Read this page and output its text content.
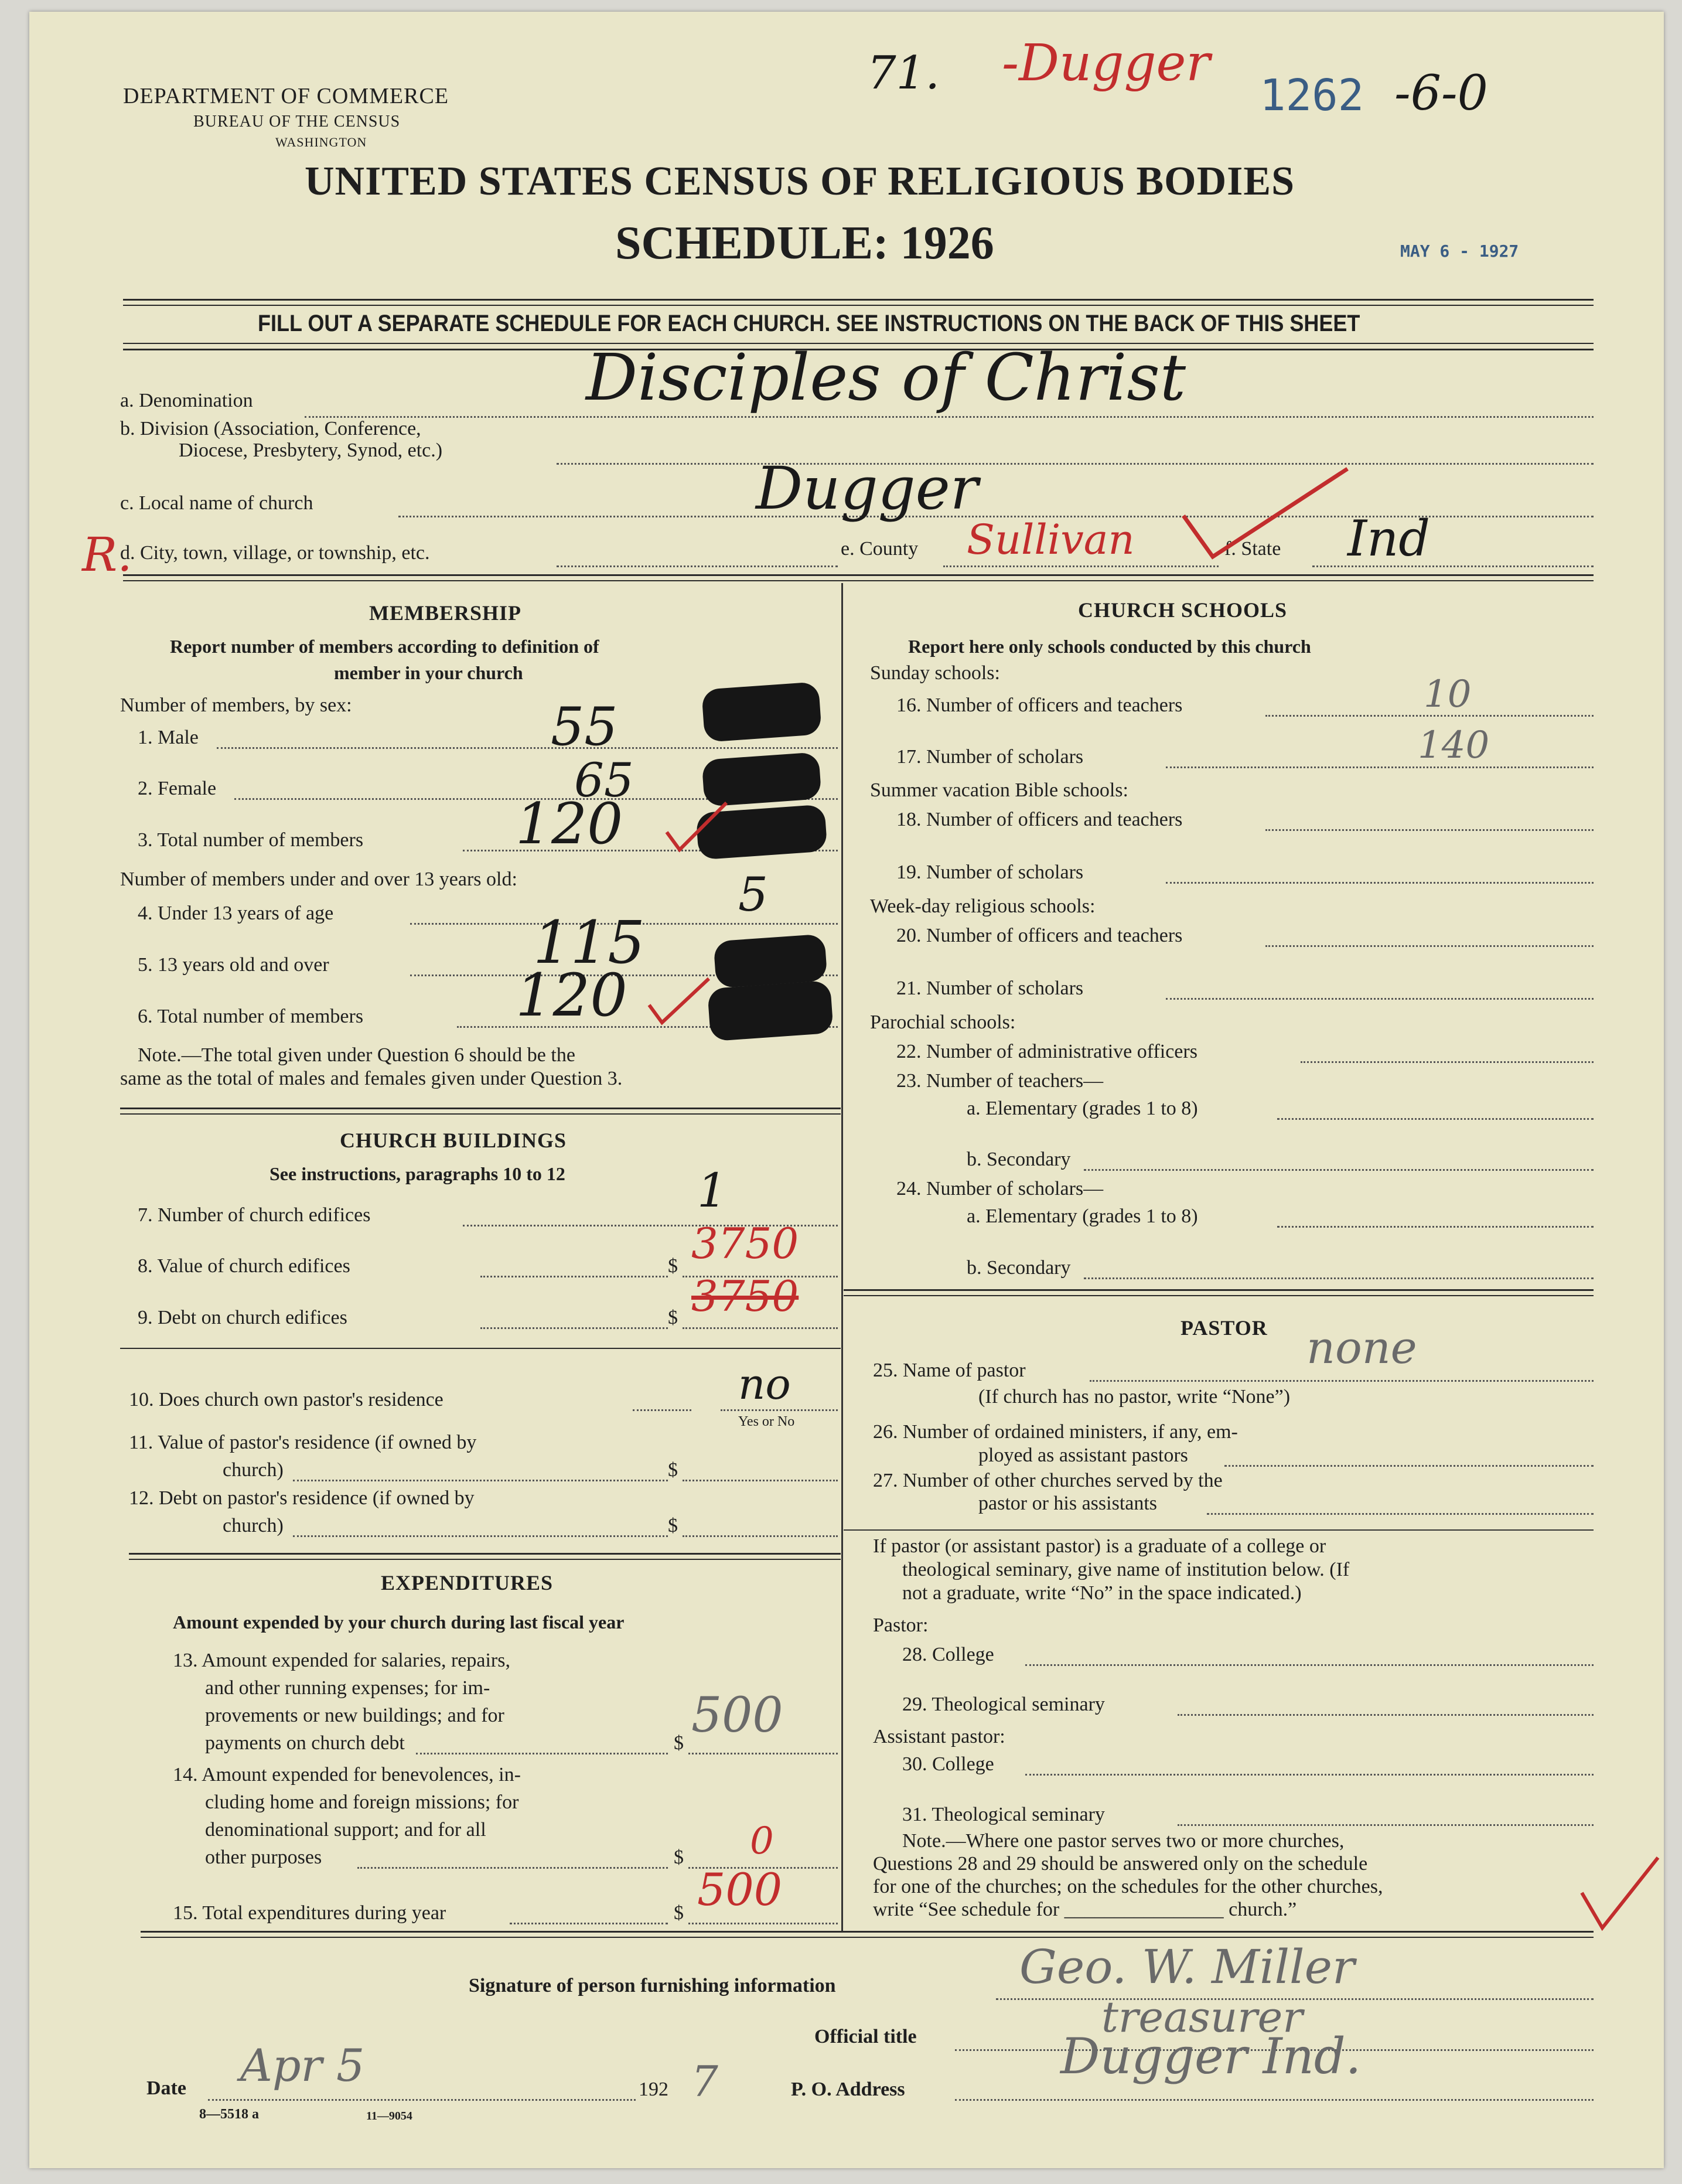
DEPARTMENT OF COMMERCE
BUREAU OF THE CENSUS
WASHINGTON
UNITED STATES CENSUS OF RELIGIOUS BODIES
SCHEDULE: 1926	MAY 6 - 1927
71. -Dugger
1262 -6-0
FILL OUT A SEPARATE SCHEDULE FOR EACH CHURCH. SEE INSTRUCTIONS ON THE BACK OF THIS SHEET
a. Denomination	Disciples of Christ
b. Division (Association, Conference,
Diocese, Presbytery, Synod, etc.)
c. Local name of church	Dugger
d. City, town, village, or township, etc.	e. County Sullivan	f. State Ind
R.
MEMBERSHIP
Report number of members according to definition of
member in your church
Number of members, by sex:
1. Male	55
2. Female	65
3. Total number of members	120
Number of members under and over 13 years old:
4. Under 13 years of age	5
5. 13 years old and over	115
6. Total number of members	120
Note.—The total given under Question 6 should be the
same as the total of males and females given under Question 3.
CHURCH BUILDINGS
See instructions, paragraphs 10 to 12
7. Number of church edifices	1
8. Value of church edifices	$ 3750
9. Debt on church edifices	$ 3750
10. Does church own pastor's residence	no
Yes or No
11. Value of pastor's residence (if owned by
church)	$
12. Debt on pastor's residence (if owned by
church)	$
EXPENDITURES
Amount expended by your church during last fiscal year
13. Amount expended for salaries, repairs,
and other running expenses; for im-
provements or new buildings; and for
payments on church debt	$ 500
14. Amount expended for benevolences, in-
cluding home and foreign missions; for
denominational support; and for all
other purposes	$ 0
15. Total expenditures during year	$ 500
CHURCH SCHOOLS
Report here only schools conducted by this church
Sunday schools:
16. Number of officers and teachers	10
17. Number of scholars	140
Summer vacation Bible schools:
18. Number of officers and teachers
19. Number of scholars
Week-day religious schools:
20. Number of officers and teachers
21. Number of scholars
Parochial schools:
22. Number of administrative officers
23. Number of teachers—
a. Elementary (grades 1 to 8)
b. Secondary
24. Number of scholars—
a. Elementary (grades 1 to 8)
b. Secondary
PASTOR
25. Name of pastor	none
(If church has no pastor, write “None”)
26. Number of ordained ministers, if any, em-
ployed as assistant pastors
27. Number of other churches served by the
pastor or his assistants
If pastor (or assistant pastor) is a graduate of a college or
theological seminary, give name of institution below. (If
not a graduate, write “No” in the space indicated.)
Pastor:
28. College
29. Theological seminary
Assistant pastor:
30. College
31. Theological seminary
Note.—Where one pastor serves two or more churches,
Questions 28 and 29 should be answered only on the schedule
for one of the churches; on the schedules for the other churches,
write “See schedule for ________________ church.”
Signature of person furnishing information	Geo. W. Miller
Official title	treasurer
Date Apr 5	192 7	P. O. Address
Dugger Ind.
8—5518 a	11—9054
